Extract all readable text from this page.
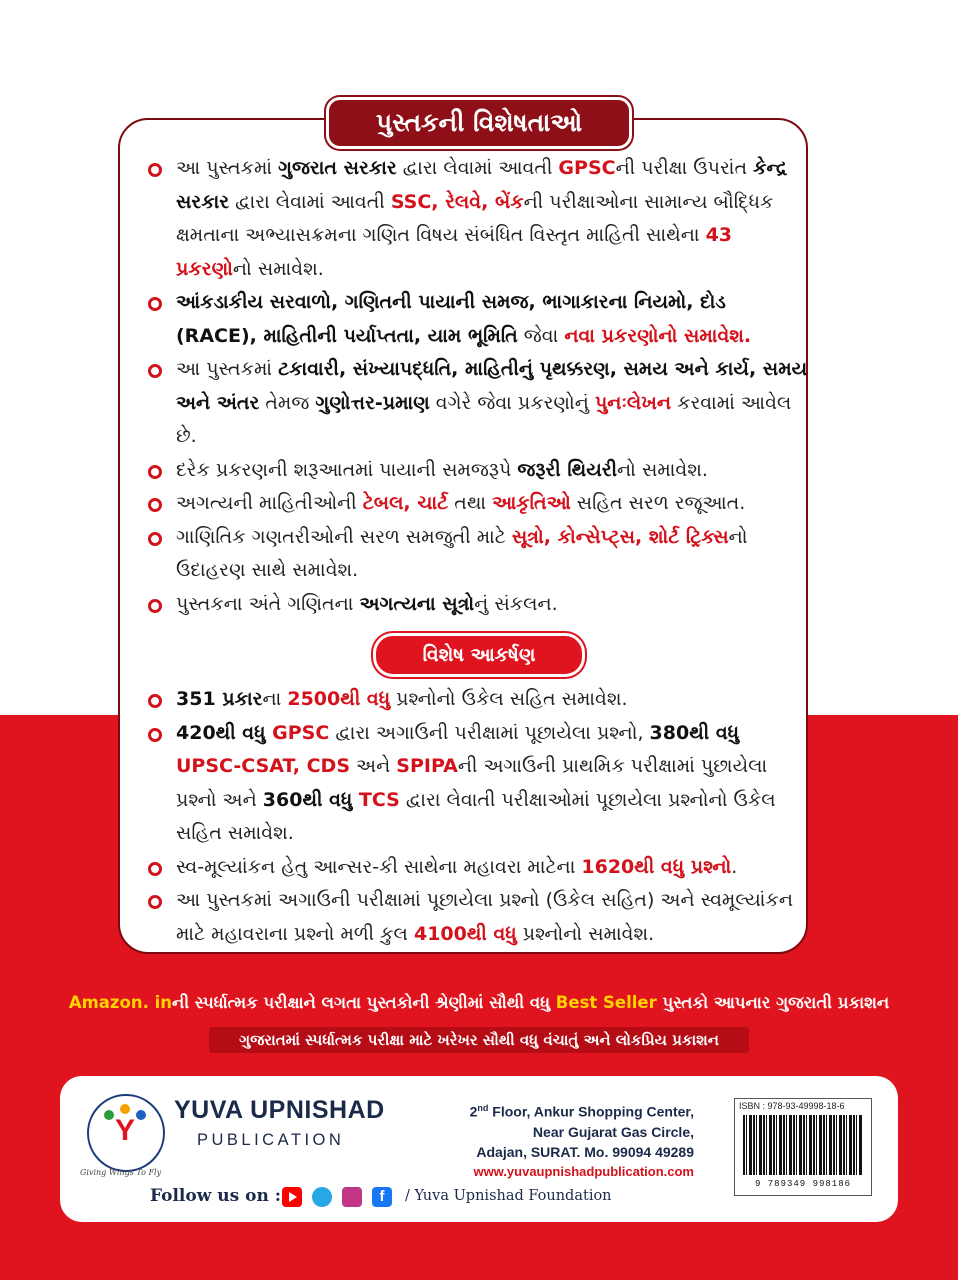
પુસ્તકની વિશેષતાઓ
આ પુસ્તકમાં ગુજરાત સરકાર દ્વારા લેવામાં આવતી GPSCની પરીક્ષા ઉપરાંત કેન્દ્ર સરકાર દ્વારા લેવામાં આવતી SSC, રેલવે, બેંકની પરીક્ષાઓના સામાન્ય બૌદ્ધિક ક્ષમતાના અભ્યાસક્રમના ગણિત વિષય સંબંધિત વિસ્તૃત માહિતી સાથેના 43 પ્રકરણોનો સમાવેશ.
આંકડાકીય સરવાળો, ગણિતની પાયાની સમજ, ભાગાકારના નિયમો, દોડ (RACE), માહિતીની પર્યાપ્તતા, યામ ભૂમિતિ જેવા નવા પ્રકરણોનો સમાવેશ.
આ પુસ્તકમાં ટકાવારી, સંખ્યાપદ્ધતિ, માહિતીનું પૃથક્કરણ, સમય અને કાર્ય, સમય અને અંતર તેમજ ગુણોત્તર-પ્રમાણ વગેરે જેવા પ્રકરણોનું પુનઃલેખન કરવામાં આવેલ છે.
દરેક પ્રકરણની શરૂઆતમાં પાયાની સમજરૂપે જરૂરી થિયરીનો સમાવેશ.
અગત્યની માહિતીઓની ટેબલ, ચાર્ટ તથા આકૃતિઓ સહિત સરળ રજૂઆત.
ગાણિતિક ગણતરીઓની સરળ સમજુતી માટે સૂત્રો, કોન્સેપ્ટ્સ, શોર્ટ ટ્રિક્સનો ઉદાહરણ સાથે સમાવેશ.
પુસ્તકના અંતે ગણિતના અગત્યના સૂત્રોનું સંકલન.
વિશેષ આકર્ષણ
351 પ્રકારના 2500થી વધુ પ્રશ્નોનો ઉકેલ સહિત સમાવેશ.
420થી વધુ GPSC દ્વારા અગાઉની પરીક્ષામાં પૂછાયેલા પ્રશ્નો, 380થી વધુ UPSC-CSAT, CDS અને SPIPAની અગાઉની પ્રાથમિક પરીક્ષામાં પુછાયેલા પ્રશ્નો અને 360થી વધુ TCS દ્વારા લેવાતી પરીક્ષાઓમાં પૂછાયેલા પ્રશ્નોનો ઉકેલ સહિત સમાવેશ.
સ્વ-મૂલ્યાંકન હેતુ આન્સર-કી સાથેના મહાવરા માટેના 1620થી વધુ પ્રશ્નો.
આ પુસ્તકમાં અગાઉની પરીક્ષામાં પૂછાયેલા પ્રશ્નો (ઉકેલ સહિત) અને સ્વમૂલ્યાંકન માટે મહાવરાના પ્રશ્નો મળી કુલ 4100થી વધુ પ્રશ્નોનો સમાવેશ.
Amazon. inની સ્પર્ધાત્મક પરીક્ષાને લગતા પુસ્તકોની શ્રેણીમાં સૌથી વધુ Best Seller પુસ્તકો આપનાર ગુજરાતી પ્રકાશન
ગુજરાતમાં સ્પર્ધાત્મક પરીક્ષા માટે ખરેખર સૌથી વધુ વંચાતું અને લોકપ્રિય પ્રકાશન
Y
Giving Wings To Fly
YUVA UPNISHAD
PUBLICATION
2nd Floor, Ankur Shopping Center,
Near Gujarat Gas Circle,
Adajan, SURAT. Mo. 99094 49289
www.yuvaupnishadpublication.com
Follow us on :	f	/ Yuva Upnishad Foundation
ISBN : 978-93-49998-18-6
9 789349 998186
